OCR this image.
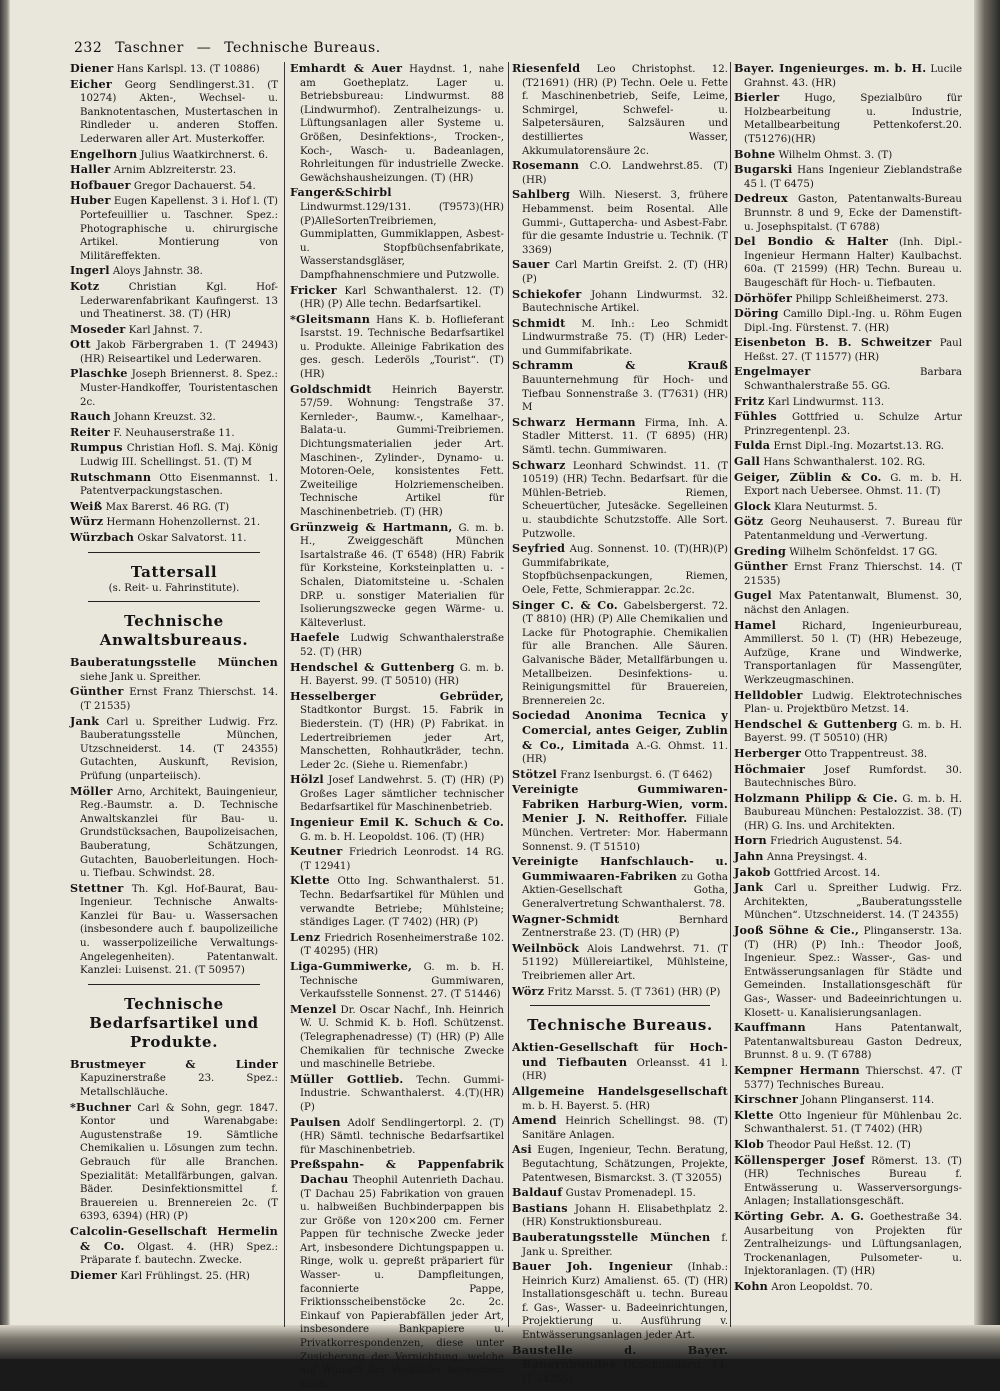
232 Taschner — Technische Bureaus.
Diener Hans Karlspl. 13. (T 10886)
Eicher Georg Sendlingerst.31. (T 10274) Akten-, Wechsel- u. Banknotentaschen, Mustertaschen in Rindleder u. anderen Stoffen. Lederwaren aller Art. Musterkoffer.
Engelhorn Julius Waatkirchnerst. 6.
Haller Arnim Ablzreiterstr. 23.
Hofbauer Gregor Dachauerst. 54.
Huber Eugen Kapellenst. 3 i. Hof l. (T) Portefeuillier u. Taschner. Spez.: Photographische u. chirurgische Artikel. Montierung von Militäreffekten.
Ingerl Aloys Jahnstr. 38.
Kotz	Christian Kgl. Hof-Lederwarenfabrikant Kaufingerst. 13 und Theatinerst. 38. (T) (HR)
Moseder Karl Jahnst. 7.
Ott Jakob Färbergraben 1. (T 24943) (HR) Reiseartikel und Lederwaren.
Plaschke Joseph Briennerst. 8. Spez.: Muster-Handkoffer, Touristentaschen 2c.
Rauch Johann Kreuzst. 32.
Reiter F. Neuhauserstraße 11.
Rumpus Christian Hofl. S. Maj. König Ludwig III. Schellingst. 51. (T) M
Rutschmann Otto Eisenmannst. 1. Patentverpackungstaschen.
Weiß Max Barerst. 46 RG. (T)
Würz Hermann Hohenzollernst. 21.
Würzbach Oskar Salvatorst. 11.
Tattersall
(s. Reit- u. Fahrinstitute).
Technische Anwaltsbureaus.
Bauberatungsstelle München siehe Jank u. Spreither.
Günther Ernst Franz Thierschst. 14. (T 21535)
Jank Carl u. Spreither Ludwig. Frz. Bauberatungsstelle München, Utzschneiderst. 14. (T 24355) Gutachten, Auskunft, Revision, Prüfung (unparteiisch).
Möller Arno, Architekt, Bauingenieur, Reg.-Baumstr. a. D. Technische Anwaltskanzlei für Bau- u. Grundstücksachen, Baupolizeisachen, Bauberatung, Schätzungen, Gutachten, Bauoberleitungen. Hoch- u. Tiefbau. Schwindst. 28.
Stettner Th. Kgl. Hof-Baurat, Bau-Ingenieur. Technische Anwalts-Kanzlei für Bau- u. Wassersachen (insbesondere auch f. baupolizeiliche u. wasserpolizeiliche Verwaltungs-Angelegenheiten). Patentanwalt. Kanzlei: Luisenst. 21. (T 50957)
Technische Bedarfsartikel und Produkte.
Brustmeyer & Linder Kapuzinerstraße 23. Spez.: Metallschläuche.
*Buchner Carl & Sohn, gegr. 1847. Kontor und Warenabgabe: Augustenstraße 19. Sämtliche Chemikalien u. Lösungen zum techn. Gebrauch für alle Branchen. Spezialität: Metallfärbungen, galvan. Bäder. Desinfektionsmittel f. Brauereien u. Brennereien 2c. (T 6393, 6394) (HR) (P)
Calcolin-Gesellschaft Hermelin & Co. Olgast. 4. (HR) Spez.: Präparate f. bautechn. Zwecke.
Diemer Karl Frühlingst. 25. (HR)
Emhardt & Auer Haydnst. 1, nahe am Goetheplatz. Lager u. Betriebsbureau: Lindwurmst. 88 (Lindwurmhof). Zentralheizungs- u. Lüftungsanlagen aller Systeme u. Größen, Desinfektions-, Trocken-, Koch-, Wasch- u. Badeanlagen, Rohrleitungen für industrielle Zwecke. Gewächshausheizungen. (T) (HR)
Fanger&Schirbl Lindwurmst.129/131. (T9573)(HR)(P)AlleSortenTreibriemen, Gummiplatten, Gummiklappen, Asbest- u. Stopfbüchsenfabrikate, Wasserstandsgläser, Dampfhahnenschmiere und Putzwolle.
Fricker Karl Schwanthalerst. 12. (T) (HR) (P) Alle techn. Bedarfsartikel.
*Gleitsmann Hans K. b. Hoflieferant Isarstst. 19. Technische Bedarfsartikel u. Produkte. Alleinige Fabrikation des ges. gesch. Lederöls „Tourist“. (T) (HR)
Goldschmidt Heinrich Bayerstr. 57/59. Wohnung: Tengstraße 37. Kernleder-, Baumw.-, Kamelhaar-, Balata-u. Gummi-Treibriemen. Dichtungsmaterialien jeder Art. Maschinen-, Zylinder-, Dynamo- u. Motoren-Oele, konsistentes Fett. Zweiteilige Holzriemenscheiben. Technische Artikel für Maschinenbetrieb. (T) (HR)
Grünzweig & Hartmann, G. m. b. H., Zweiggeschäft München Isartalstraße 46. (T 6548) (HR) Fabrik für Korksteine, Korksteinplatten u. -Schalen, Diatomitsteine u. -Schalen DRP. u. sonstiger Materialien für Isolierungszwecke gegen Wärme- u. Kälteverlust.
Haefele Ludwig Schwanthalerstraße 52. (T) (HR)
Hendschel & Guttenberg G. m. b. H. Bayerst. 99. (T 50510) (HR)
Hesselberger Gebrüder, Stadtkontor Burgst. 15. Fabrik in Biederstein. (T) (HR) (P) Fabrikat. in Ledertreibriemen jeder Art, Manschetten, Rohhautkräder, techn. Leder 2c. (Siehe u. Riemenfabr.)
Hölzl Josef Landwehrst. 5. (T) (HR) (P) Großes Lager sämtlicher technischer Bedarfsartikel für Maschinenbetrieb.
Ingenieur Emil K. Schuch & Co. G. m. b. H. Leopoldst. 106. (T) (HR)
Keutner Friedrich Leonrodst. 14 RG. (T 12941)
Klette Otto Ing. Schwanthalerst. 51. Techn. Bedarfsartikel für Mühlen und verwandte Betriebe; Mühlsteine; ständiges Lager. (T 7402) (HR) (P)
Lenz Friedrich Rosenheimerstraße 102. (T 40295) (HR)
Liga-Gummiwerke, G. m. b. H. Technische Gummiwaren, Verkaufsstelle Sonnenst. 27. (T 51446)
Menzel Dr. Oscar Nachf., Inh. Heinrich W. U. Schmid K. b. Hofl. Schützenst. (Telegraphenadresse) (T) (HR) (P) Alle Chemikalien für technische Zwecke und maschinelle Betriebe.
Müller Gottlieb. Techn. Gummi-Industrie. Schwanthalerst. 4.(T)(HR)(P)
Paulsen Adolf Sendlingertorpl. 2. (T) (HR) Sämtl. technische Bedarfsartikel für Maschinenbetrieb.
Preßspahn- & Pappenfabrik Dachau Theophil Autenrieth Dachau. (T Dachau 25) Fabrikation von grauen u. halbweißen Buchbinderpappen bis zur Größe von 120×200 cm. Ferner Pappen für technische Zwecke jeder Art, insbesondere Dichtungspappen u. Ringe, wolk u. gepreßt präpariert für Wasser- u. Dampfleitungen, faconnierte Pappe, Friktionsscheibenstöcke 2c. 2c. Einkauf von Papierabfällen jeder Art, insbesondere Bankpapiere u. Privatkorrespondenzen, diese unter Zusicherung der Vernichtung, welche auf Wunsch der Verkäufer beiwohnen kann.
Riesenfeld Leo Christophst. 12. (T21691) (HR) (P) Techn. Oele u. Fette f. Maschinenbetrieb, Seife, Leime, Schmirgel, Schwefel- u. Salpetersäuren, Salzsäuren und destilliertes Wasser, Akkumulatorensäure 2c.
Rosemann C.O. Landwehrst.85. (T)(HR)
Sahlberg Wilh. Nieserst. 3, frühere Hebammenst. beim Rosental. Alle Gummi-, Guttapercha- und Asbest-Fabr. für die gesamte Industrie u. Technik. (T 3369)
Sauer Carl Martin Greifst. 2. (T) (HR) (P)
Schiekofer Johann Lindwurmst. 32. Bautechnische Artikel.
Schmidt M. Inh.: Leo Schmidt Lindwurmstraße 75. (T) (HR) Leder- und Gummifabrikate.
Schramm & Krauß Bauunternehmung für Hoch- und Tiefbau Sonnenstraße 3. (T7631) (HR) M
Schwarz Hermann Firma, Inh. A. Stadler Mitterst. 11. (T 6895) (HR) Sämtl. techn. Gummiwaren.
Schwarz Leonhard Schwindst. 11. (T 10519) (HR) Techn. Bedarfsart. für die Mühlen-Betrieb. Riemen, Scheuertücher, Jutesäcke. Segelleinen u. staubdichte Schutzstoffe. Alle Sort. Putzwolle.
Seyfried Aug. Sonnenst. 10. (T)(HR)(P) Gummifabrikate, Stopfbüchsenpackungen, Riemen, Oele, Fette, Schmierappar. 2c.2c.
Singer C. & Co. Gabelsbergerst. 72. (T 8810) (HR) (P) Alle Chemikalien und Lacke für Photographie. Chemikalien für alle Branchen. Alle Säuren. Galvanische Bäder, Metallfärbungen u. Metallbeizen. Desinfektions- u. Reinigungsmittel für Brauereien, Brennereien 2c.
Sociedad Anonima Tecnica y Comercial, antes Geiger, Zublin & Co., Limitada A.-G. Ohmst. 11. (HR)
Stötzel Franz Isenburgst. 6. (T 6462)
Vereinigte Gummiwaren-Fabriken Harburg-Wien, vorm. Menier J. N. Reithoffer. Filiale München. Vertreter: Mor. Habermann Sonnenst. 9. (T 51510)
Vereinigte Hanfschlauch- u. Gummiwaaren-Fabriken zu Gotha Aktien-Gesellschaft Gotha, Generalvertretung Schwanthalerst. 78.
Wagner-Schmidt	Bernhard Zentnerstraße 23. (T) (HR) (P)
Weilnböck Alois Landwehrst. 71. (T 51192) Müllereiartikel, Mühlsteine, Treibriemen aller Art.
Wörz Fritz Marsst. 5. (T 7361) (HR) (P)
Technische Bureaus.
Aktien-Gesellschaft für Hoch- und Tiefbauten Orleansst. 41 l. (HR)
Allgemeine Handelsgesellschaft m. b. H. Bayerst. 5. (HR)
Amend Heinrich Schellingst. 98. (T) Sanitäre Anlagen.
Asi Eugen, Ingenieur, Techn. Beratung, Begutachtung, Schätzungen, Projekte, Patentwesen, Bismarckst. 3. (T 32055)
Baldauf Gustav Promenadepl. 15.
Bastians Johann H. Elisabethplatz 2. (HR) Konstruktionsbureau.
Bauberatungsstelle München f. Jank u. Spreither.
Bauer Joh. Ingenieur (Inhab.: Heinrich Kurz) Amalienst. 65. (T) (HR) Installationsgeschäft u. techn. Bureau f. Gas-, Wasser- u. Badeeinrichtungen, Projektierung u. Ausführung v. Entwässerungsanlagen jeder Art.
Baustelle d. Bayer. Bauernbundes Utzschneiderst. 14. (T 24355)
Bayer. Ingenieurges. m. b. H. Lucile Grahnst. 43. (HR)
Bierler Hugo, Spezialbüro für Holzbearbeitung u. Industrie, Metallbearbeitung Pettenkoferst.20. (T51276)(HR)
Bohne Wilhelm Ohmst. 3. (T)
Bugarski Hans Ingenieur Zieblandstraße 45 l. (T 6475)
Dedreux Gaston, Patentanwalts-Bureau Brunnstr. 8 und 9, Ecke der Damenstift- u. Josephspitalst. (T 6788)
Del Bondio & Halter (Inh. Dipl.-Ingenieur Hermann Halter) Kaulbachst. 60a. (T 21599) (HR) Techn. Bureau u. Baugeschäft für Hoch- u. Tiefbauten.
Dörhöfer Philipp Schleißheimerst. 273.
Döring Camillo Dipl.-Ing. u. Röhm Eugen Dipl.-Ing. Fürstenst. 7. (HR)
Eisenbeton B. B. Schweitzer Paul Heßst. 27. (T 11577) (HR)
Engelmayer	Barbara Schwanthalerstraße 55. GG.
Fritz Karl Lindwurmst. 113.
Fühles Gottfried u. Schulze Artur Prinzregentenpl. 23.
Fulda Ernst Dipl.-Ing. Mozartst.13. RG.
Gall Hans Schwanthalerst. 102. RG.
Geiger, Züblin & Co. G. m. b. H. Export nach Uebersee. Ohmst. 11. (T)
Glock Klara Neuturmst. 5.
Götz Georg Neuhauserst. 7. Bureau für Patentanmeldung und -Verwertung.
Greding Wilhelm Schönfeldst. 17 GG.
Günther Ernst Franz Thierschst. 14. (T 21535)
Gugel Max Patentanwalt, Blumenst. 30, nächst den Anlagen.
Hamel	Richard, Ingenieurbureau, Ammillerst. 50 l. (T) (HR) Hebezeuge, Aufzüge, Krane und Windwerke, Transportanlagen für Massengüter, Werkzeugmaschinen.
Helldobler Ludwig. Elektrotechnisches Plan- u. Projektbüro Metzst. 14.
Hendschel & Guttenberg G. m. b. H. Bayerst. 99. (T 50510) (HR)
Herberger Otto Trappentreust. 38.
Höchmaier Josef Rumfordst. 30. Bautechnisches Büro.
Holzmann Philipp & Cie. G. m. b. H. Baubureau München: Pestalozzist. 38. (T) (HR) G. Ins. und Architekten.
Horn Friedrich Augustenst. 54.
Jahn Anna Preysingst. 4.
Jakob Gottfried Arcost. 14.
Jank Carl u. Spreither Ludwig. Frz. Architekten, „Bauberatungsstelle München“. Utzschneiderst. 14. (T 24355)
Jooß Söhne & Cie., Plinganserstr. 13a. (T) (HR) (P) Inh.: Theodor Jooß, Ingenieur. Spez.: Wasser-, Gas- und Entwässerungsanlagen für Städte und Gemeinden. Installationsgeschäft für Gas-, Wasser- und Badeeinrichtungen u. Klosett- u. Kanalisierungsanlagen.
Kauffmann	Hans Patentanwalt, Patentanwaltsbureau Gaston Dedreux, Brunnst. 8 u. 9. (T 6788)
Kempner Hermann Thierschst. 47. (T 5377) Technisches Bureau.
Kirschner Johann Plinganserst. 114.
Klette Otto Ingenieur für Mühlenbau 2c. Schwanthalerst. 51. (T 7402) (HR)
Klob Theodor Paul Heßst. 12. (T)
Köllensperger Josef Römerst. 13. (T) (HR) Technisches Bureau f. Entwässerung u. Wasserversorgungs-Anlagen; Installationsgeschäft.
Körting Gebr. A. G. Goethestraße 34. Ausarbeitung von Projekten für Zentralheizungs- und Lüftungsanlagen, Trockenanlagen, Pulsometer- u. Injektoranlagen. (T) (HR)
Kohn Aron Leopoldst. 70.
